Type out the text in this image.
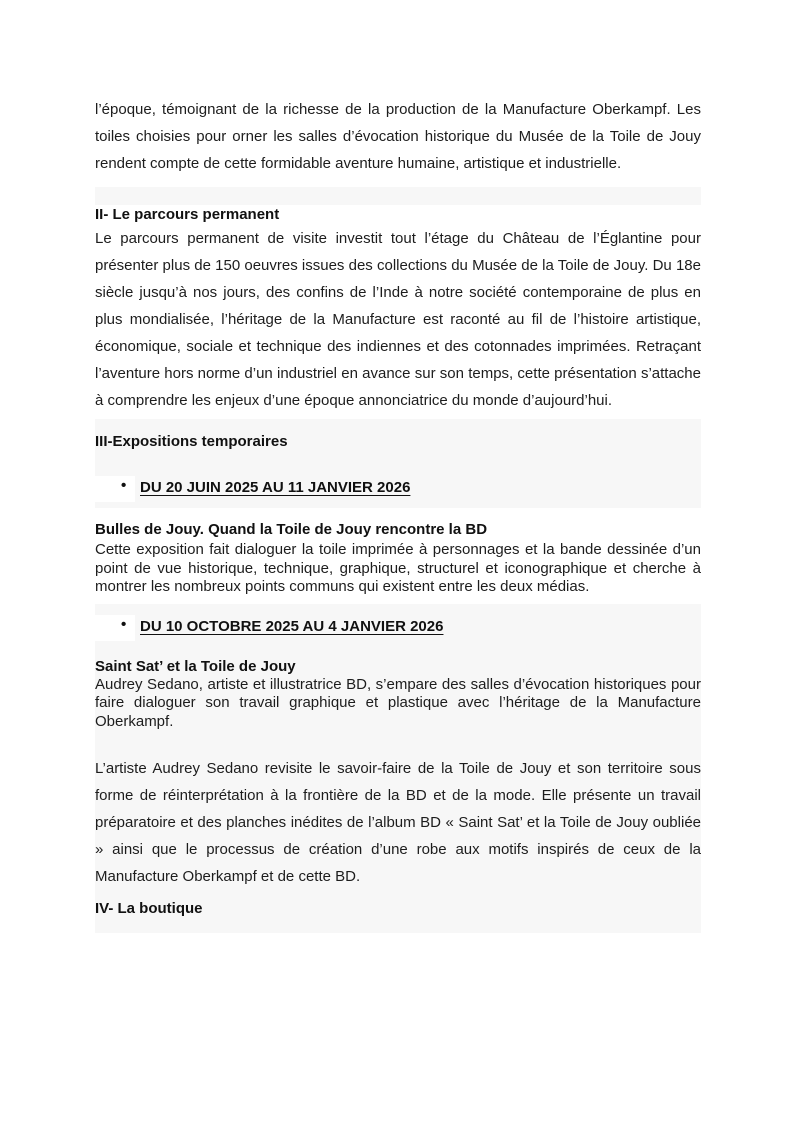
l’époque, témoignant de la richesse de la production de la Manufacture Oberkampf. Les toiles choisies pour orner les salles d’évocation historique du Musée de la Toile de Jouy rendent compte de cette formidable aventure humaine, artistique et industrielle.

II- Le parcours permanent

Le parcours permanent de visite investit tout l’étage du Château de l’Églantine pour présenter plus de 150 oeuvres issues des collections du Musée de la Toile de Jouy. Du 18e siècle jusqu’à nos jours, des confins de l’Inde à notre société contemporaine de plus en plus mondialisée, l’héritage de la Manufacture est raconté au fil de l’histoire artistique, économique, sociale et technique des indiennes et des cotonnades imprimées. Retraçant l’aventure hors norme d’un industriel en avance sur son temps, cette présentation s’attache à comprendre les enjeux d’une époque annonciatrice du monde d’aujourd’hui.

III-Expositions temporaires
• DU 20 JUIN 2025 AU 11 JANVIER 2026
Bulles de Jouy. Quand la Toile de Jouy rencontre la BD

Cette exposition fait dialoguer la toile imprimée à personnages et la bande dessinée d’un point de vue historique, technique, graphique, structurel et iconographique et cherche à montrer les nombreux points communs qui existent entre les deux médias.

• DU 10 OCTOBRE 2025 AU 4 JANVIER 2026
Saint Sat’ et la Toile de Jouy

Audrey Sedano, artiste et illustratrice BD, s’empare des salles d’évocation historiques pour faire dialoguer son travail graphique et plastique avec l’héritage de la Manufacture Oberkampf.

L’artiste Audrey Sedano revisite le savoir-faire de la Toile de Jouy et son territoire sous forme de réinterprétation à la frontière de la BD et de la mode. Elle présente un travail préparatoire et des planches inédites de l’album BD « Saint Sat’ et la Toile de Jouy oubliée » ainsi que le processus de création d’une robe aux motifs inspirés de ceux de la Manufacture Oberkampf et de cette BD.

IV- La boutique
